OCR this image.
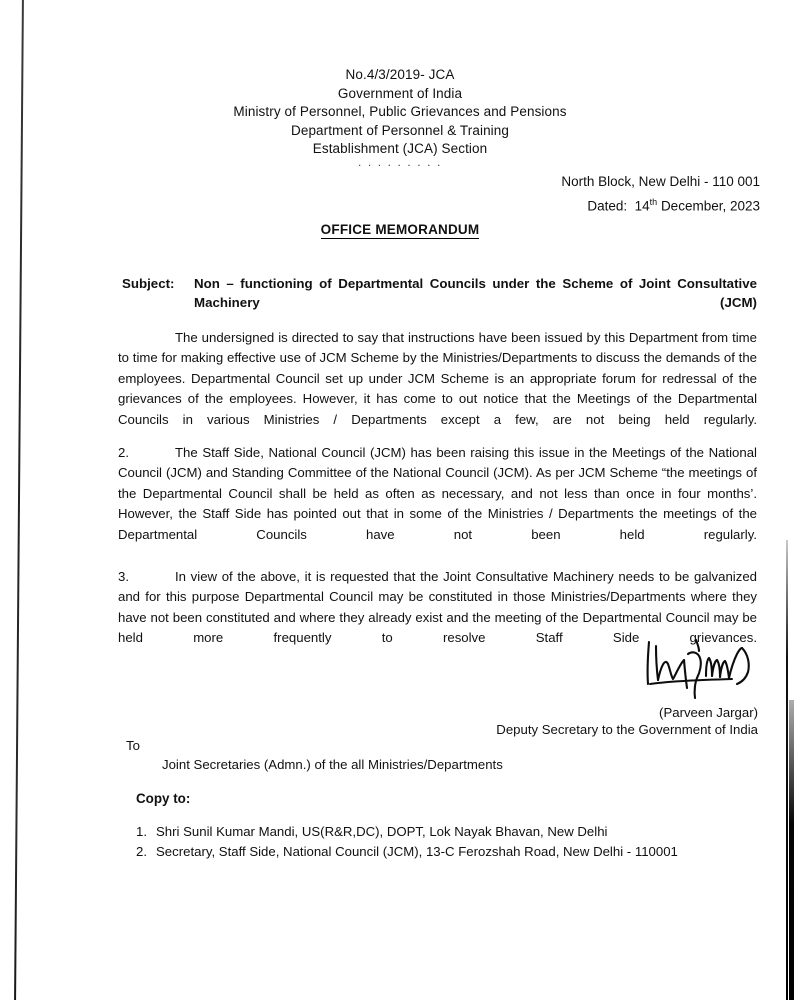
No.4/3/2019- JCA
Government of India
Ministry of Personnel, Public Grievances and Pensions
Department of Personnel & Training
Establishment (JCA) Section
. . . . . . . . .
North Block, New Delhi - 110 001
Dated: 14th December, 2023
OFFICE MEMORANDUM
Subject: Non – functioning of Departmental Councils under the Scheme of Joint Consultative Machinery (JCM)
The undersigned is directed to say that instructions have been issued by this Department from time to time for making effective use of JCM Scheme by the Ministries/Departments to discuss the demands of the employees. Departmental Council set up under JCM Scheme is an appropriate forum for redressal of the grievances of the employees. However, it has come to out notice that the Meetings of the Departmental Councils in various Ministries / Departments except a few, are not being held regularly.
2.	The Staff Side, National Council (JCM) has been raising this issue in the Meetings of the National Council (JCM) and Standing Committee of the National Council (JCM). As per JCM Scheme “the meetings of the Departmental Council shall be held as often as necessary, and not less than once in four months’. However, the Staff Side has pointed out that in some of the Ministries / Departments the meetings of the Departmental Councils have not been held regularly.
3.	In view of the above, it is requested that the Joint Consultative Machinery needs to be galvanized and for this purpose Departmental Council may be constituted in those Ministries/Departments where they have not been constituted and where they already exist and the meeting of the Departmental Council may be held more frequently to resolve Staff Side grievances.
(Parveen Jargar)
Deputy Secretary to the Government of India
To
Joint Secretaries (Admn.) of the all Ministries/Departments
Copy to:
1. Shri Sunil Kumar Mandi, US(R&R,DC), DOPT, Lok Nayak Bhavan, New Delhi
2. Secretary, Staff Side, National Council (JCM), 13-C Ferozshah Road, New Delhi - 110001
